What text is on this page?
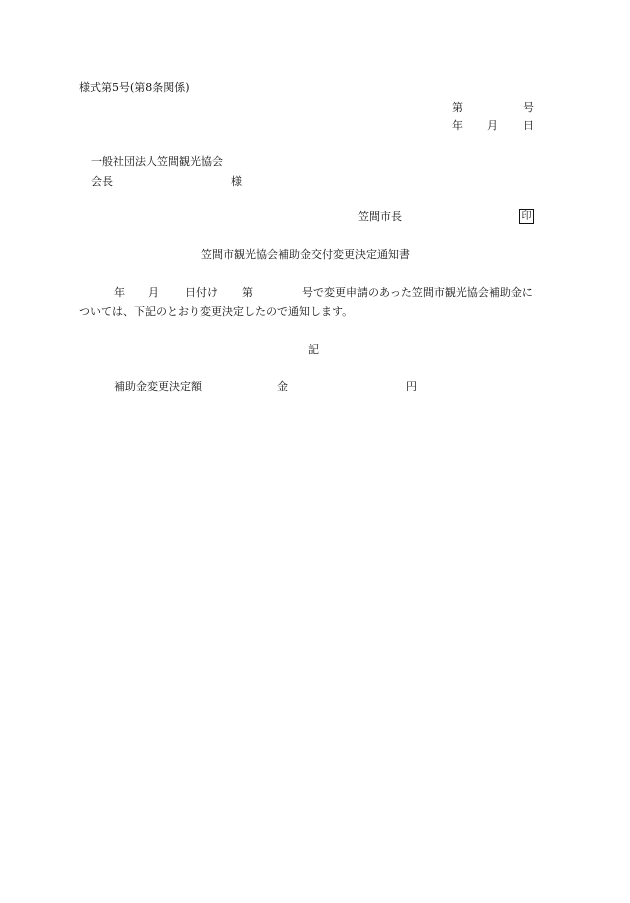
様式第5号(第8条関係)
第	号
年 月 日
一般社団法人笠間観光協会
会長	様
笠間市長	印
笠間市観光協会補助金交付変更決定通知書
年 月 日付け 第	号で変更申請のあった笠間市観光協会補助金に
ついては、下記のとおり変更決定したので通知します。
記
補助金変更決定額	金	円
